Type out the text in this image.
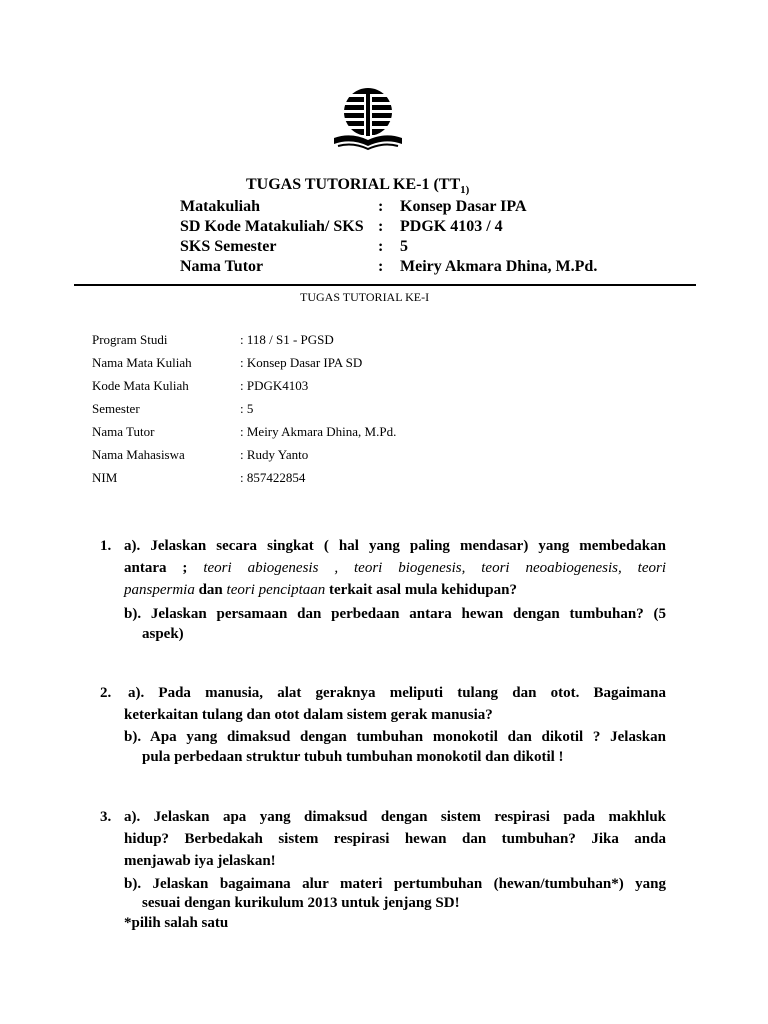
TUGAS TUTORIAL KE-1 ($TT_{1)}$
Matakuliah	: Konsep Dasar IPA
SD Kode Matakuliah/ SKS : PDGK 4103 / 4
SKS Semester	: 5
Nama Tutor	: Meiry Akmara Dhina, M.Pd.
TUGAS TUTORIAL KE-I
Program Studi	: 118 / S1 - PGSD
Nama Mata Kuliah	: Konsep Dasar IPA SD
Kode Mata Kuliah	: PDGK4103
Semester	: 5
Nama Tutor	: Meiry Akmara Dhina, M.Pd.
Nama Mahasiswa	: Rudy Yanto
NIM	: 857422854
1. a). Jelaskan secara singkat ( hal yang paling mendasar) yang membedakan
antara ; teori abiogenesis , teori biogenesis, teori neoabiogenesis, teori
panspermia dan teori penciptaan terkait asal mula kehidupan?
b). Jelaskan persamaan dan perbedaan antara hewan dengan tumbuhan? (5
aspek)
2. a). Pada manusia, alat geraknya meliputi tulang dan otot. Bagaimana
keterkaitan tulang dan otot dalam sistem gerak manusia?
b). Apa yang dimaksud dengan tumbuhan monokotil dan dikotil ? Jelaskan
pula perbedaan struktur tubuh tumbuhan monokotil dan dikotil !
3. a). Jelaskan apa yang dimaksud dengan sistem respirasi pada makhluk
hidup? Berbedakah sistem respirasi hewan dan tumbuhan? Jika anda
menjawab iya jelaskan!
b). Jelaskan bagaimana alur materi pertumbuhan (hewan/tumbuhan*) yang
sesuai dengan kurikulum 2013 untuk jenjang SD!
*pilih salah satu
